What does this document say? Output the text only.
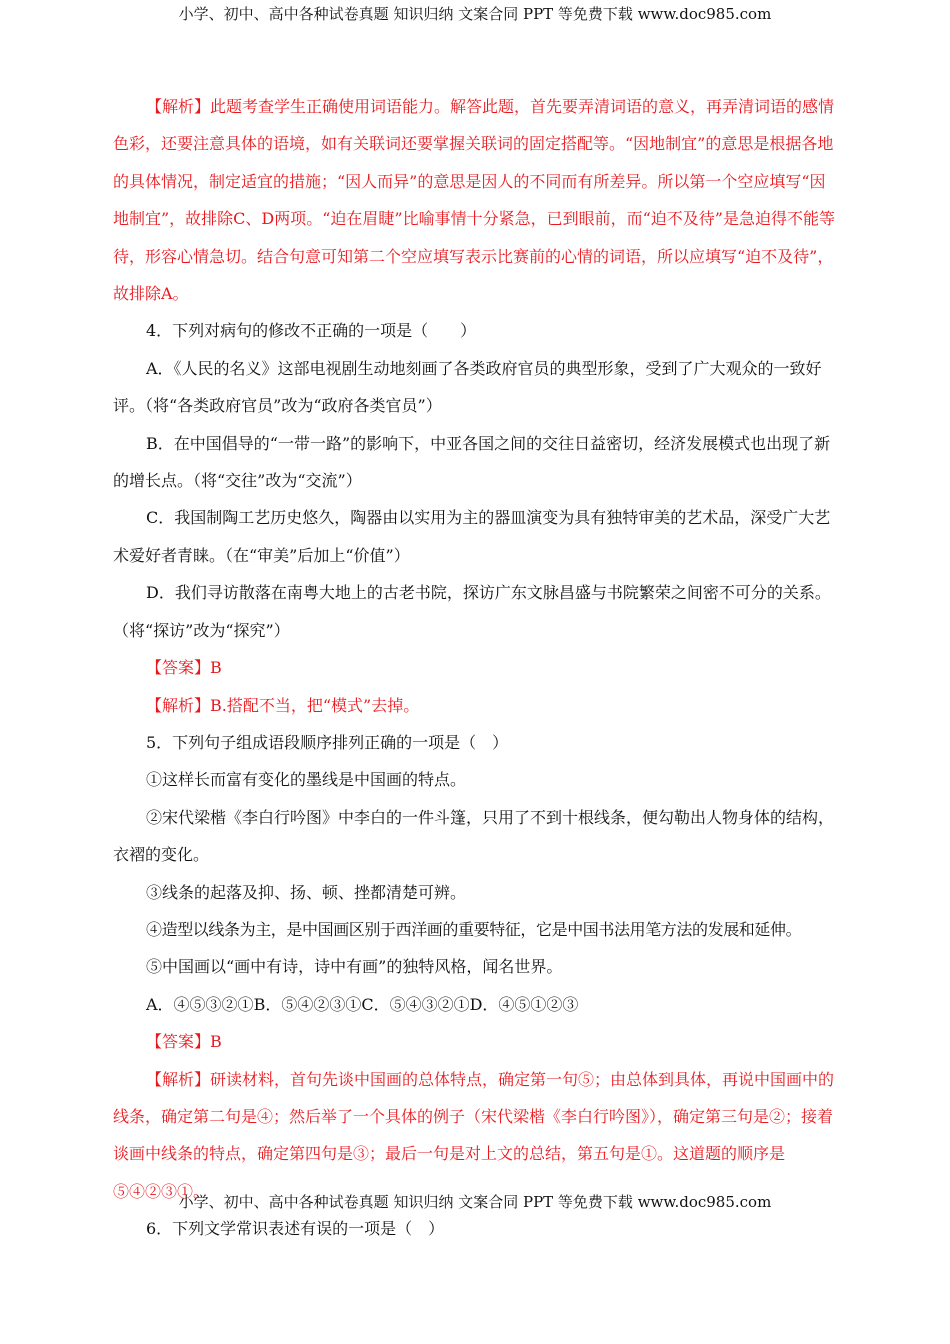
小学、初中、高中各种试卷真题 知识归纳 文案合同 PPT 等免费下载 www.doc985.com

【解析】此题考查学生正确使用词语能力。解答此题，首先要弄清词语的意义，再弄清词语的感情色彩，还要注意具体的语境，如有关联词还要掌握关联词的固定搭配等。“因地制宜”的意思是根据各地的具体情况，制定适宜的措施；“因人而异”的意思是因人的不同而有所差异。所以第一个空应填写“因地制宜”，故排除C、D两项。“迫在眉睫”比喻事情十分紧急，已到眼前，而“迫不及待”是急迫得不能等待，形容心情急切。结合句意可知第二个空应填写表示比赛前的心情的词语，所以应填写“迫不及待”，故排除A。

4．下列对病句的修改不正确的一项是（　　）

A．《人民的名义》这部电视剧生动地刻画了各类政府官员的典型形象，受到了广大观众的一致好评。（将“各类政府官员”改为“政府各类官员”）

B．在中国倡导的“一带一路”的影响下，中亚各国之间的交往日益密切，经济发展模式也出现了新的增长点。（将“交往”改为“交流”）

C．我国制陶工艺历史悠久，陶器由以实用为主的器皿演变为具有独特审美的艺术品，深受广大艺术爱好者青睐。（在“审美”后加上“价值”）

D．我们寻访散落在南粤大地上的古老书院，探访广东文脉昌盛与书院繁荣之间密不可分的关系。（将“探访”改为“探究”）

【答案】B

【解析】B.搭配不当，把“模式”去掉。

5．下列句子组成语段顺序排列正确的一项是（　）

①这样长而富有变化的墨线是中国画的特点。

②宋代梁楷《李白行吟图》中李白的一件斗篷，只用了不到十根线条，便勾勒出人物身体的结构，衣褶的变化。

③线条的起落及抑、扬、顿、挫都清楚可辨。

④造型以线条为主，是中国画区别于西洋画的重要特征，它是中国书法用笔方法的发展和延伸。

⑤中国画以“画中有诗，诗中有画”的独特风格，闻名世界。

A．④⑤③②①B．⑤④②③①C．⑤④③②①D．④⑤①②③

【答案】B

【解析】研读材料，首句先谈中国画的总体特点，确定第一句⑤；由总体到具体，再说中国画中的线条，确定第二句是④；然后举了一个具体的例子（宋代梁楷《李白行吟图》），确定第三句是②；接着谈画中线条的特点，确定第四句是③；最后一句是对上文的总结，第五句是①。这道题的顺序是⑤④②③①。

6．下列文学常识表述有误的一项是（　）

小学、初中、高中各种试卷真题 知识归纳 文案合同 PPT 等免费下载 www.doc985.com
